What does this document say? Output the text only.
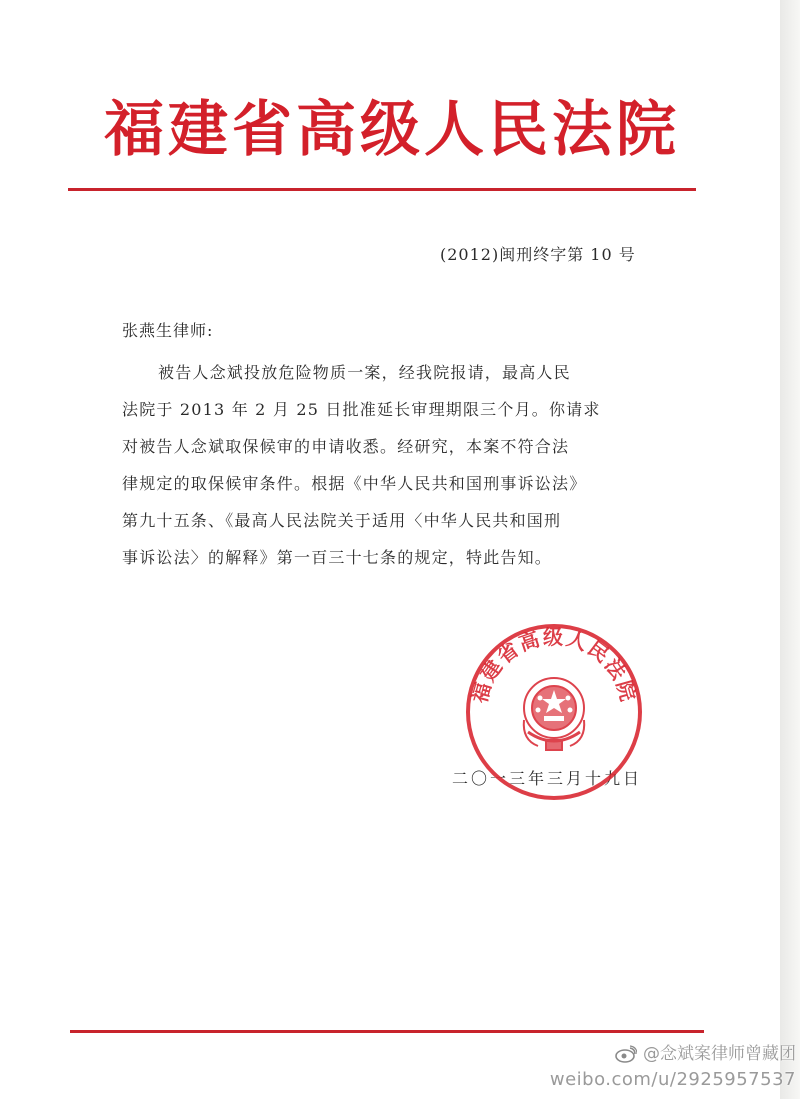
福建省高级人民法院
(2012)闽刑终字第 10 号
张燕生律师:
被告人念斌投放危险物质一案，经我院报请，最高人民
法院于 2013 年 2 月 25 日批准延长审理期限三个月。你请求
对被告人念斌取保候审的申请收悉。经研究，本案不符合法
律规定的取保候审条件。根据《中华人民共和国刑事诉讼法》
第九十五条、《最高人民法院关于适用〈中华人民共和国刑
事诉讼法〉的解释》第一百三十七条的规定，特此告知。
二〇一三年三月十九日
福建省高级人民法院
@念斌案律师曾藏团
weibo.com/u/2925957537
